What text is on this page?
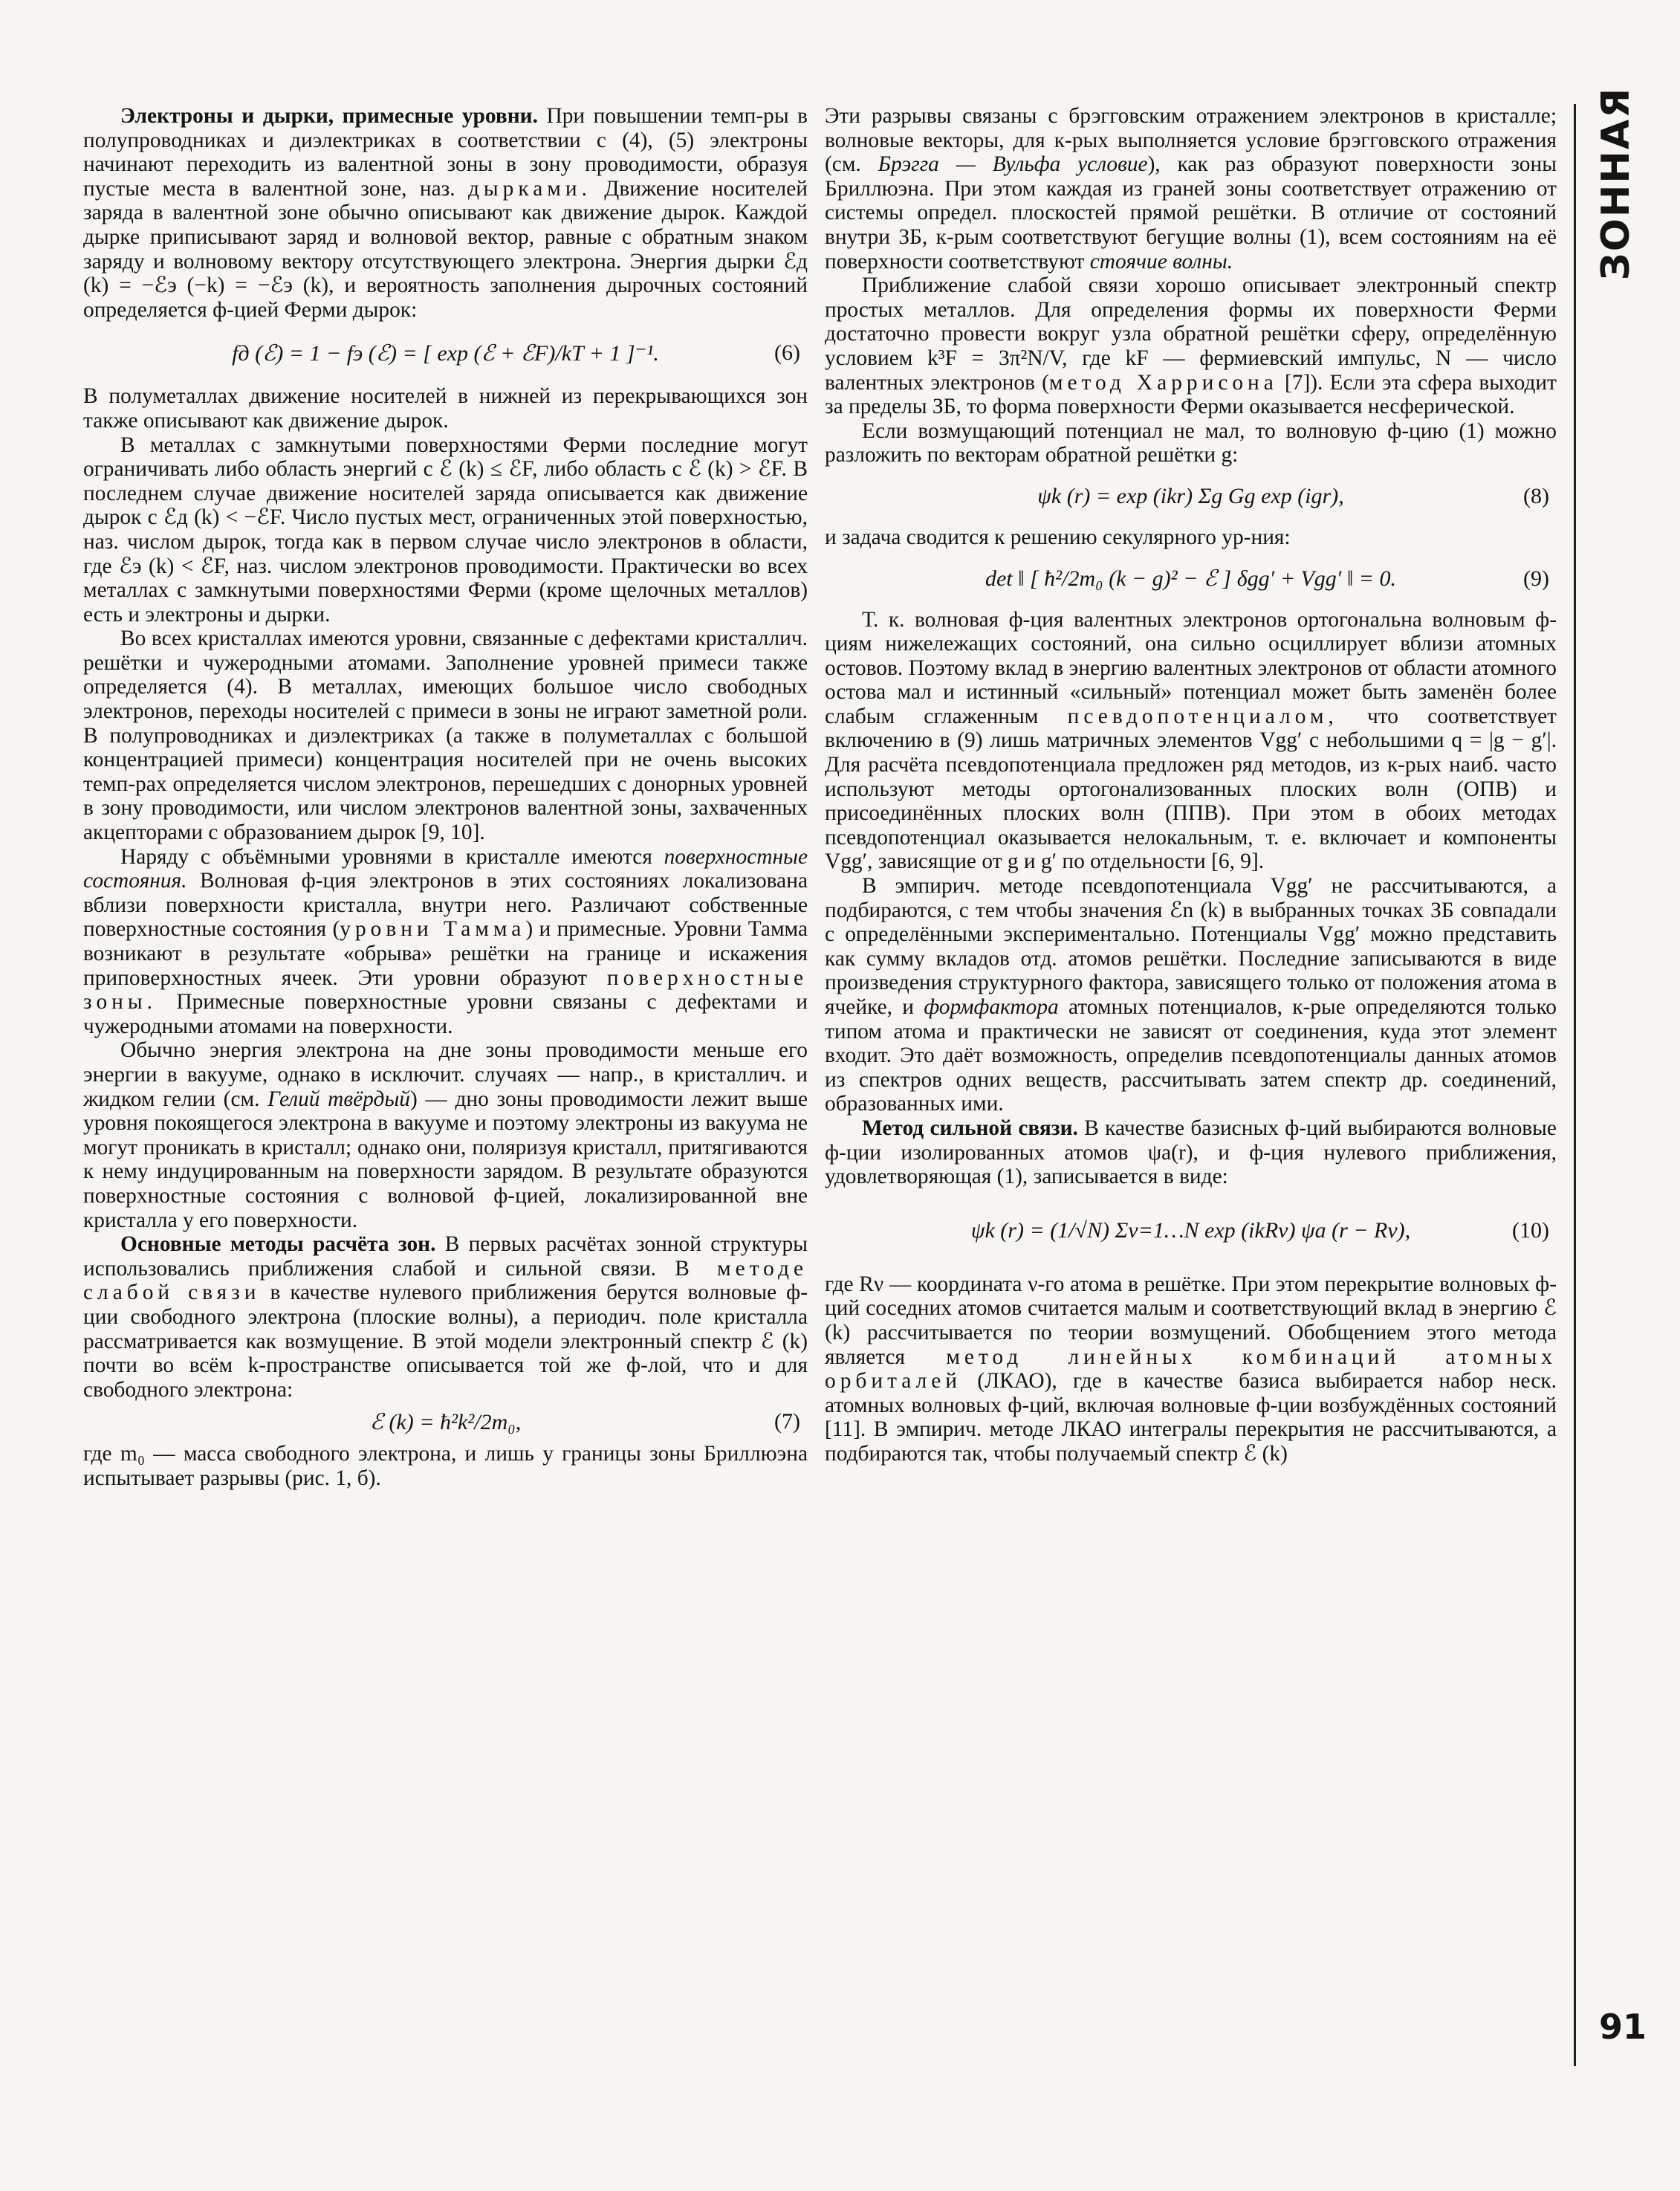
Электроны и дырки, примесные уровни. При повышении темп-ры в полупроводниках и диэлектриках в соответствии с (4), (5) электроны начинают переходить из валентной зоны в зону проводимости, образуя пустые места в валентной зоне, наз. дырками. Движение носителей заряда в валентной зоне обычно описывают как движение дырок. Каждой дырке приписывают заряд и волновой вектор, равные с обратным знаком заряду и волновому вектору отсутствующего электрона. Энергия дырки ℰд (k) = −ℰэ (−k) = −ℰэ (k), и вероятность заполнения дырочных состояний определяется ф-цией Ферми дырок:

fд (ℰ) = 1 − fэ (ℰ) = [ exp (ℰ + ℰF)/kT + 1 ]⁻¹.	(6)

В полуметаллах движение носителей в нижней из перекрывающихся зон также описывают как движение дырок.

В металлах с замкнутыми поверхностями Ферми последние могут ограничивать либо область энергий с ℰ (k) ≤ ℰF, либо область с ℰ (k) > ℰF. В последнем случае движение носителей заряда описывается как движение дырок с ℰд (k) < −ℰF. Число пустых мест, ограниченных этой поверхностью, наз. числом дырок, тогда как в первом случае число электронов в области, где ℰэ (k) < ℰF, наз. числом электронов проводимости. Практически во всех металлах с замкнутыми поверхностями Ферми (кроме щелочных металлов) есть и электроны и дырки.

Во всех кристаллах имеются уровни, связанные с дефектами кристаллич. решётки и чужеродными атомами. Заполнение уровней примеси также определяется (4). В металлах, имеющих большое число свободных электронов, переходы носителей с примеси в зоны не играют заметной роли. В полупроводниках и диэлектриках (а также в полуметаллах с большой концентрацией примеси) концентрация носителей при не очень высоких темп-рах определяется числом электронов, перешедших с донорных уровней в зону проводимости, или числом электронов валентной зоны, захваченных акцепторами с образованием дырок [9, 10].

Наряду с объёмными уровнями в кристалле имеются поверхностные состояния. Волновая ф-ция электронов в этих состояниях локализована вблизи поверхности кристалла, внутри него. Различают собственные поверхностные состояния (уровни Тамма) и примесные. Уровни Тамма возникают в результате «обрыва» решётки на границе и искажения приповерхностных ячеек. Эти уровни образуют поверхностные зоны. Примесные поверхностные уровни связаны с дефектами и чужеродными атомами на поверхности.

Обычно энергия электрона на дне зоны проводимости меньше его энергии в вакууме, однако в исключит. случаях — напр., в кристаллич. и жидком гелии (см. Гелий твёрдый) — дно зоны проводимости лежит выше уровня покоящегося электрона в вакууме и поэтому электроны из вакуума не могут проникать в кристалл; однако они, поляризуя кристалл, притягиваются к нему индуцированным на поверхности зарядом. В результате образуются поверхностные состояния с волновой ф-цией, локализированной вне кристалла у его поверхности.

Основные методы расчёта зон. В первых расчётах зонной структуры использовались приближения слабой и сильной связи. В методе слабой связи в качестве нулевого приближения берутся волновые ф-ции свободного электрона (плоские волны), а периодич. поле кристалла рассматривается как возмущение. В этой модели электронный спектр ℰ (k) почти во всём k-пространстве описывается той же ф-лой, что и для свободного электрона:

ℰ (k) = ħ²k²/2m₀,	(7)

где m₀ — масса свободного электрона, и лишь у границы зоны Бриллюэна испытывает разрывы (рис. 1, б).

Эти разрывы связаны с брэгговским отражением электронов в кристалле; волновые векторы, для к-рых выполняется условие брэгговского отражения (см. Брэгга — Вульфа условие), как раз образуют поверхности зоны Бриллюэна. При этом каждая из граней зоны соответствует отражению от системы определ. плоскостей прямой решётки. В отличие от состояний внутри ЗБ, к-рым соответствуют бегущие волны (1), всем состояниям на её поверхности соответствуют стоячие волны.

Приближение слабой связи хорошо описывает электронный спектр простых металлов. Для определения формы их поверхности Ферми достаточно провести вокруг узла обратной решётки сферу, определённую условием k³F = 3π²N/V, где kF — фермиевский импульс, N — число валентных электронов (метод Харрисона [7]). Если эта сфера выходит за пределы ЗБ, то форма поверхности Ферми оказывается несферической.

Если возмущающий потенциал не мал, то волновую ф-цию (1) можно разложить по векторам обратной решётки g:

ψk (r) = exp (ikr) Σg Gg exp (igr),	(8)

и задача сводится к решению секулярного ур-ния:

det ‖ [ ħ²/2m₀ (k − g)² − ℰ ] δgg′ + Vgg′ ‖ = 0.	(9)

Т. к. волновая ф-ция валентных электронов ортогональна волновым ф-циям нижележащих состояний, она сильно осциллирует вблизи атомных остовов. Поэтому вклад в энергию валентных электронов от области атомного остова мал и истинный «сильный» потенциал может быть заменён более слабым сглаженным псевдопотенциалом, что соответствует включению в (9) лишь матричных элементов Vgg′ с небольшими q = |g − g′|. Для расчёта псевдопотенциала предложен ряд методов, из к-рых наиб. часто используют методы ортогонализованных плоских волн (ОПВ) и присоединённых плоских волн (ППВ). При этом в обоих методах псевдопотенциал оказывается нелокальным, т. е. включает и компоненты Vgg′, зависящие от g и g′ по отдельности [6, 9].

В эмпирич. методе псевдопотенциала Vgg′ не рассчитываются, а подбираются, с тем чтобы значения ℰn (k) в выбранных точках ЗБ совпадали с определёнными экспериментально. Потенциалы Vgg′ можно представить как сумму вкладов отд. атомов решётки. Последние записываются в виде произведения структурного фактора, зависящего только от положения атома в ячейке, и формфактора атомных потенциалов, к-рые определяются только типом атома и практически не зависят от соединения, куда этот элемент входит. Это даёт возможность, определив псевдопотенциалы данных атомов из спектров одних веществ, рассчитывать затем спектр др. соединений, образованных ими.

Метод сильной связи. В качестве базисных ф-ций выбираются волновые ф-ции изолированных атомов ψа(r), и ф-ция нулевого приближения, удовлетворяющая (1), записывается в виде:

ψk (r) = (1/√N) Σν=1…N exp (ikRν) ψа (r − Rν),	(10)

где Rν — координата ν-го атома в решётке. При этом перекрытие волновых ф-ций соседних атомов считается малым и соответствующий вклад в энергию ℰ (k) рассчитывается по теории возмущений. Обобщением этого метода является метод линейных комбинаций атомных орбиталей (ЛКАО), где в качестве базиса выбирается набор неск. атомных волновых ф-ций, включая волновые ф-ции возбуждённых состояний [11]. В эмпирич. методе ЛКАО интегралы перекрытия не рассчитываются, а подбираются так, чтобы получаемый спектр ℰ (k)

ЗОННАЯ
91
